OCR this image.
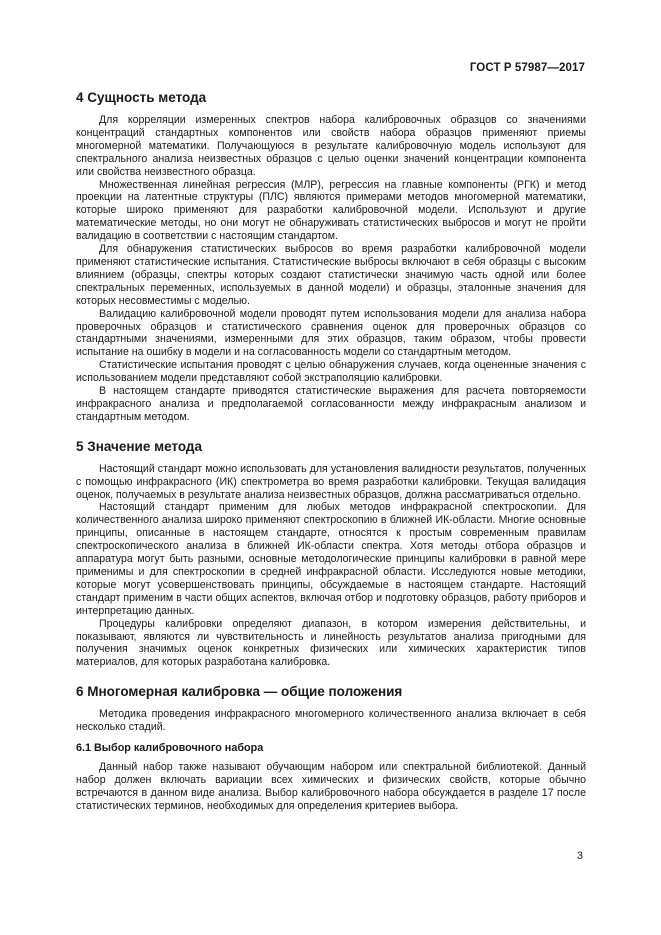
ГОСТ Р 57987—2017
4 Сущность метода

Для корреляции измеренных спектров набора калибровочных образцов со значениями концентраций стандартных компонентов или свойств набора образцов применяют приемы многомерной математики. Получающуюся в результате калибровочную модель используют для спектрального анализа неизвестных образцов с целью оценки значений концентрации компонента или свойства неизвестного образца.

Множественная линейная регрессия (МЛР), регрессия на главные компоненты (РГК) и метод проекции на латентные структуры (ПЛС) являются примерами методов многомерной математики, которые широко применяют для разработки калибровочной модели. Используют и другие математические методы, но они могут не обнаруживать статистических выбросов и могут не пройти валидацию в соответствии с настоящим стандартом.

Для обнаружения статистических выбросов во время разработки калибровочной модели применяют статистические испытания. Статистические выбросы включают в себя образцы с высоким влиянием (образцы, спектры которых создают статистически значимую часть одной или более спектральных переменных, используемых в данной модели) и образцы, эталонные значения для которых несовместимы с моделью.

Валидацию калибровочной модели проводят путем использования модели для анализа набора проверочных образцов и статистического сравнения оценок для проверочных образцов со стандартными значениями, измеренными для этих образцов, таким образом, чтобы провести испытание на ошибку в модели и на согласованность модели со стандартным методом.

Статистические испытания проводят с целью обнаружения случаев, когда оцененные значения с использованием модели представляют собой экстраполяцию калибровки.

В настоящем стандарте приводятся статистические выражения для расчета повторяемости инфракрасного анализа и предполагаемой согласованности между инфракрасным анализом и стандартным методом.

5 Значение метода

Настоящий стандарт можно использовать для установления валидности результатов, полученных с помощью инфракрасного (ИК) спектрометра во время разработки калибровки. Текущая валидация оценок, получаемых в результате анализа неизвестных образцов, должна рассматриваться отдельно.

Настоящий стандарт применим для любых методов инфракрасной спектроскопии. Для количественного анализа широко применяют спектроскопию в ближней ИК-области. Многие основные принципы, описанные в настоящем стандарте, относятся к простым современным правилам спектроскопического анализа в ближней ИК-области спектра. Хотя методы отбора образцов и аппаратура могут быть разными, основные методологические принципы калибровки в равной мере применимы и для спектроскопии в средней инфракрасной области. Исследуются новые методики, которые могут усовершенствовать принципы, обсуждаемые в настоящем стандарте. Настоящий стандарт применим в части общих аспектов, включая отбор и подготовку образцов, работу приборов и интерпретацию данных.

Процедуры калибровки определяют диапазон, в котором измерения действительны, и показывают, являются ли чувствительность и линейность результатов анализа пригодными для получения значимых оценок конкретных физических или химических характеристик типов материалов, для которых разработана калибровка.

6 Многомерная калибровка — общие положения

Методика проведения инфракрасного многомерного количественного анализа включает в себя несколько стадий.

6.1 Выбор калибровочного набора

Данный набор также называют обучающим набором или спектральной библиотекой. Данный набор должен включать вариации всех химических и физических свойств, которые обычно встречаются в данном виде анализа. Выбор калибровочного набора обсуждается в разделе 17 после статистических терминов, необходимых для определения критериев выбора.

3
